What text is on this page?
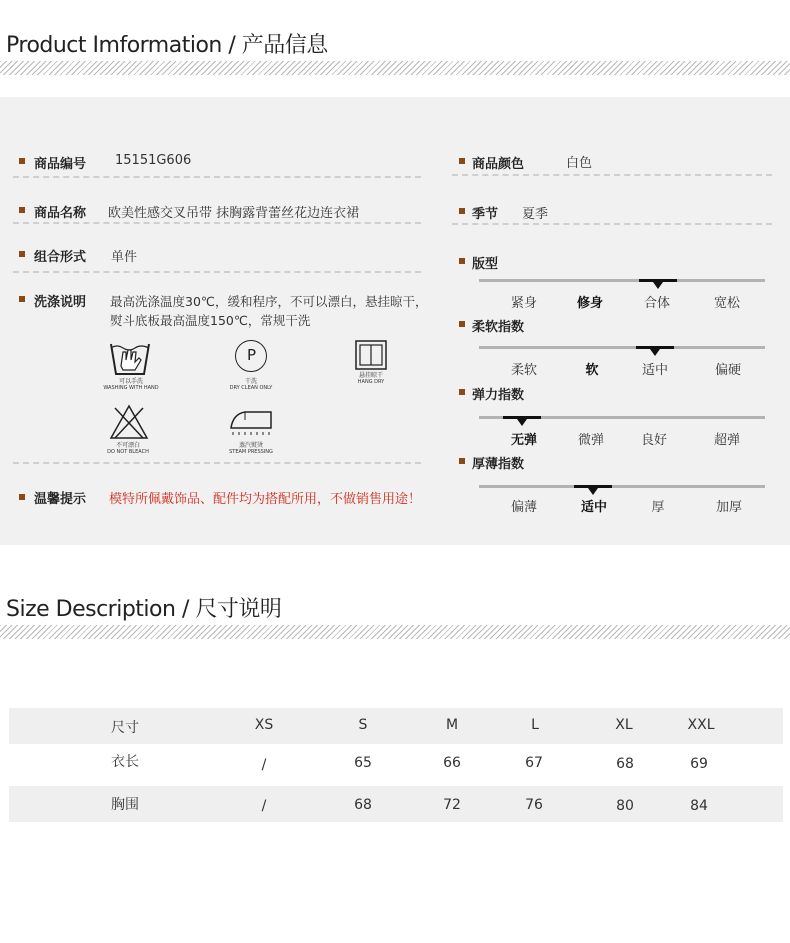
Product Imformation / 产品信息
商品编号 15151G606
商品名称 欧美性感交叉吊带 抹胸露背蕾丝花边连衣裙
组合形式 单件
洗涤说明 最高洗涤温度30℃，缓和程序，不可以漂白，悬挂晾干，
熨斗底板最高温度150℃，常规干洗
可以手洗
WASHING WITH HAND
P
干洗
DRY CLEAN ONLY
悬挂晾干
HANG DRY
不可漂白
DO NOT BLEACH
蒸汽熨烫
STEAM PRESSING
温馨提示 模特所佩戴饰品、配件均为搭配所用，不做销售用途！
商品颜色	白色
季节 夏季
版型
紧身	修身	合体	宽松
柔软指数
柔软	软	适中	偏硬
弹力指数
无弹	微弹	良好	超弹
厚薄指数
偏薄	适中	厚	加厚
Size Description / 尺寸说明
尺寸	XS	S	M	L	XL	XXL
衣长	/	65	66	67	68	69
胸围	/	68	72	76	80	84
